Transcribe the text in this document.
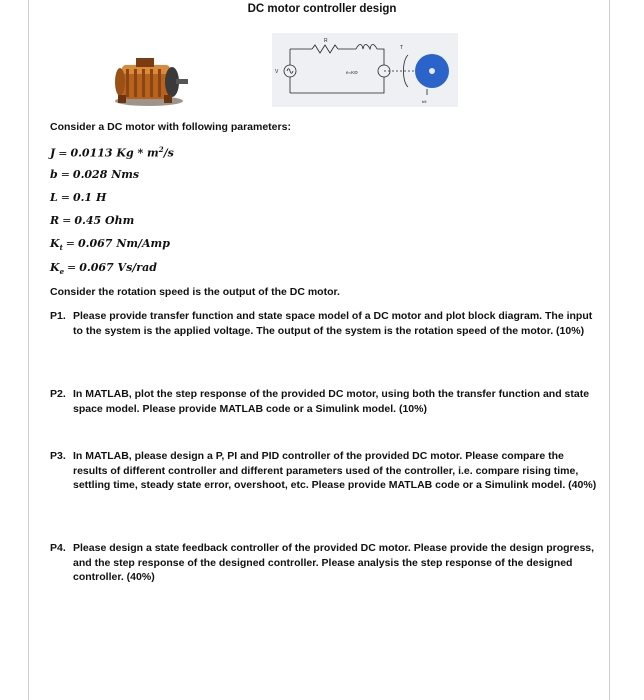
DC motor controller design
R
V	e=KΘ
T
bθ
Consider a DC motor with following parameters:
J = 0.0113 Kg * $m^2/s$
b = 0.028 Nms
L = 0.1 H
R = 0.45 Ohm
$K_t = 0.067$ Nm/Amp
$K_e = 0.067$ Vs/rad
Consider the rotation speed is the output of the DC motor.
P1. Please provide transfer function and state space model of a DC motor and plot block diagram. The input to the system is the applied voltage. The output of the system is the rotation speed of the motor. (10%)
P2. In MATLAB, plot the step response of the provided DC motor, using both the transfer function and state space model. Please provide MATLAB code or a Simulink model. (10%)
P3. In MATLAB, please design a P, PI and PID controller of the provided DC motor. Please compare the results of different controller and different parameters used of the controller, i.e. compare rising time, settling time, steady state error, overshoot, etc. Please provide MATLAB code or a Simulink model. (40%)
P4. Please design a state feedback controller of the provided DC motor. Please provide the design progress, and the step response of the designed controller. Please analysis the step response of the designed controller. (40%)
